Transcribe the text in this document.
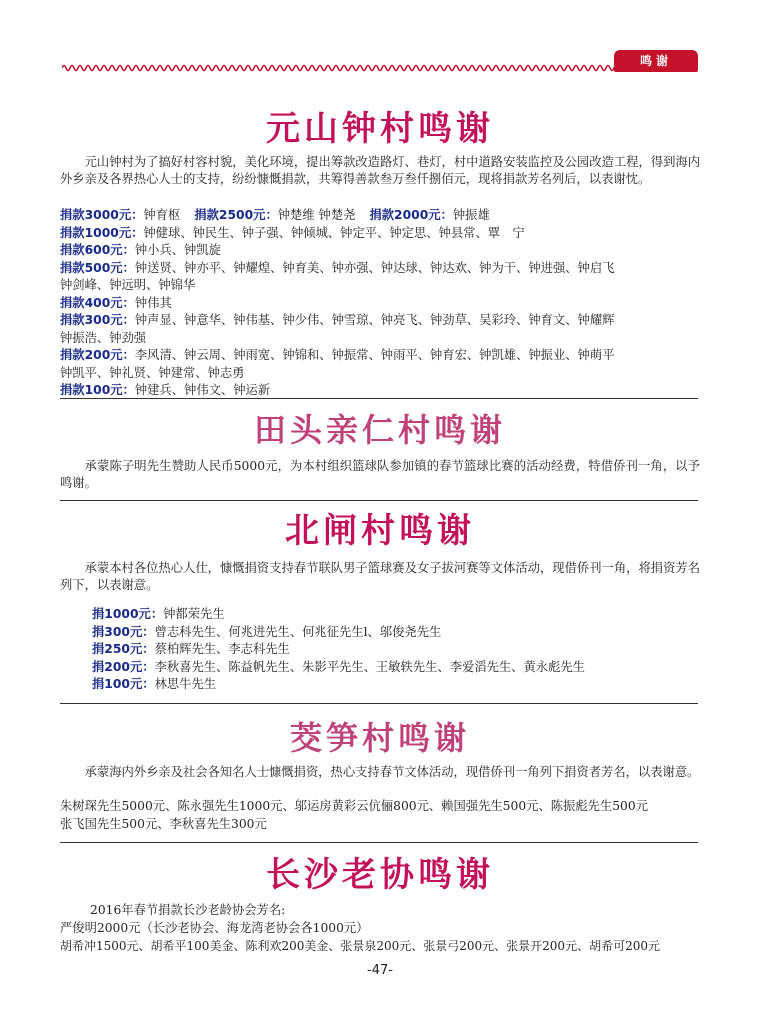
鸣谢
元山钟村鸣谢
元山钟村为了搞好村容村貌，美化环境，提出筹款改造路灯、巷灯，村中道路安装监控及公园改造工程，得到海内外乡亲及各界热心人士的支持，纷纷慷慨捐款，共筹得善款叁万叁仟捌佰元，现将捐款芳名列后，以表谢忱。
捐款3000元：钟育枢 捐款2500元：钟楚维 钟楚尧 捐款2000元：钟振雄
捐款1000元：钟健球、钟民生、钟子强、钟倾城、钟定平、钟定思、钟县常、覃　宁
捐款600元：钟小兵、钟凯旋
捐款500元：钟送贤、钟亦平、钟耀煌、钟育美、钟亦强、钟达球、钟达欢、钟为干、钟进强、钟启飞
钟剑峰、钟远明、钟锦华
捐款400元：钟伟其
捐款300元：钟声显、钟意华、钟伟基、钟少伟、钟雪琼、钟亮飞、钟劲草、吴彩玲、钟育文、钟耀辉
钟振浩、钟劲强
捐款200元：李风清、钟云周、钟雨宽、钟锦和、钟振常、钟雨平、钟育宏、钟凯雄、钟振业、钟萌平
钟凯平、钟礼贤、钟建常、钟志勇
捐款100元：钟建兵、钟伟文、钟运新
田头亲仁村鸣谢
承蒙陈子明先生赞助人民币5000元，为本村组织篮球队参加镇的春节篮球比赛的活动经费，特借侨刊一角，以予鸣谢。
北闸村鸣谢
承蒙本村各位热心人仕，慷慨捐资支持春节联队男子篮球赛及女子拔河赛等文体活动，现借侨刊一角，将捐资芳名列下，以表谢意。
捐1000元：钟都荣先生
捐300元：曾志科先生、何兆进先生、何兆征先生l、邬俊尧先生
捐250元：蔡柏辉先生、李志科先生
捐200元：李秋喜先生、陈益帆先生、朱影平先生、王敏轶先生、李爱滔先生、黄永彪先生
捐100元：林思牛先生
茭笋村鸣谢
承蒙海内外乡亲及社会各知名人士慷慨捐资，热心支持春节文体活动，现借侨刊一角列下捐资者芳名，以表谢意。
朱树琛先生5000元、陈永强先生1000元、邬运房黄彩云伉俪800元、赖国强先生500元、陈振彪先生500元
张飞国先生500元、李秋喜先生300元
长沙老协鸣谢
2016年春节捐款长沙老龄协会芳名:
严俊明2000元（长沙老协会、海龙湾老协会各1000元）
胡希冲1500元、胡希平100美金、陈利欢200美金、张景泉200元、张景弓200元、张景开200元、胡希可200元
-47-
